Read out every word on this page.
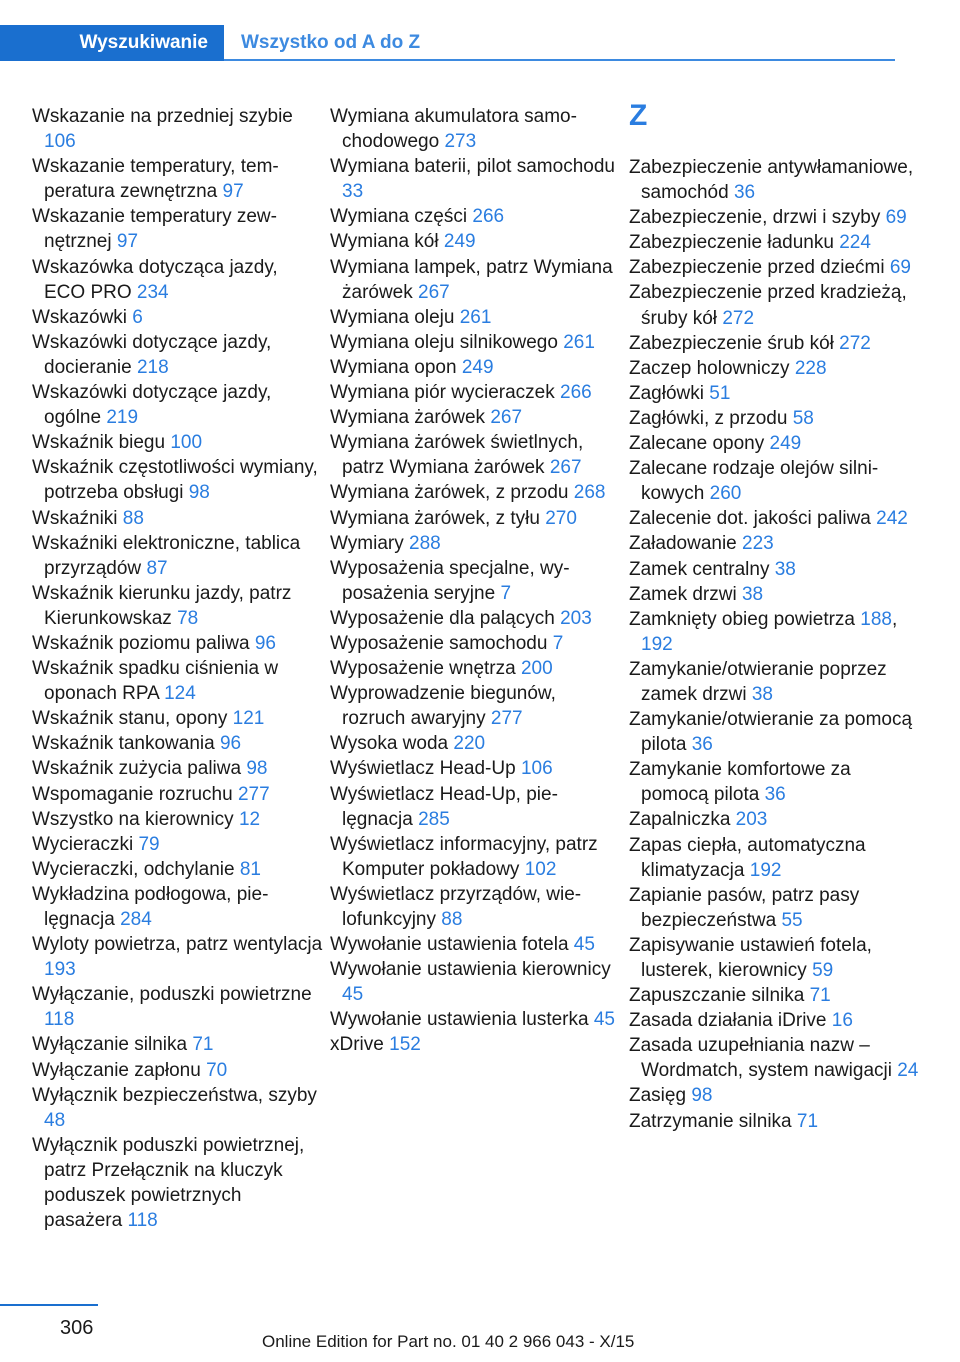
Wyszukiwanie	Wszystko od A do Z
Wskazanie na przedniej szybie 106
Wskazanie temperatury, temperatura zewnętrzna 97
Wskazanie temperatury zewnętrznej 97
Wskazówka dotycząca jazdy, ECO PRO 234
Wskazówki 6
Wskazówki dotyczące jazdy, docieranie 218
Wskazówki dotyczące jazdy, ogólne 219
Wskaźnik biegu 100
Wskaźnik częstotliwości wymiany, potrzeba obsługi 98
Wskaźniki 88
Wskaźniki elektroniczne, tablica przyrządów 87
Wskaźnik kierunku jazdy, patrz Kierunkowskaz 78
Wskaźnik poziomu paliwa 96
Wskaźnik spadku ciśnienia w oponach RPA 124
Wskaźnik stanu, opony 121
Wskaźnik tankowania 96
Wskaźnik zużycia paliwa 98
Wspomaganie rozruchu 277
Wszystko na kierownicy 12
Wycieraczki 79
Wycieraczki, odchylanie 81
Wykładzina podłogowa, pielęgnacja 284
Wyloty powietrza, patrz wentylacja 193
Wyłączanie, poduszki powietrzne 118
Wyłączanie silnika 71
Wyłączanie zapłonu 70
Wyłącznik bezpieczeństwa, szyby 48
Wyłącznik poduszki powietrznej, patrz Przełącznik na kluczyk poduszek powietrznych pasażera 118
Wymiana akumulatora samochodowego 273
Wymiana baterii, pilot samochodu 33
Wymiana części 266
Wymiana kół 249
Wymiana lampek, patrz Wymiana żarówek 267
Wymiana oleju 261
Wymiana oleju silnikowego 261
Wymiana opon 249
Wymiana piór wycieraczek 266
Wymiana żarówek 267
Wymiana żarówek świetlnych, patrz Wymiana żarówek 267
Wymiana żarówek, z przodu 268
Wymiana żarówek, z tyłu 270
Wymiary 288
Wyposażenia specjalne, wyposażenia seryjne 7
Wyposażenie dla palących 203
Wyposażenie samochodu 7
Wyposażenie wnętrza 200
Wyprowadzenie biegunów, rozruch awaryjny 277
Wysoka woda 220
Wyświetlacz Head-Up 106
Wyświetlacz Head-Up, pielęgnacja 285
Wyświetlacz informacyjny, patrz Komputer pokładowy 102
Wyświetlacz przyrządów, wielofunkcyjny 88
Wywołanie ustawienia fotela 45
Wywołanie ustawienia kierownicy 45
Wywołanie ustawienia lusterka 45
xDrive 152
Z
Zabezpieczenie antywłamaniowe, samochód 36
Zabezpieczenie, drzwi i szyby 69
Zabezpieczenie ładunku 224
Zabezpieczenie przed dziećmi 69
Zabezpieczenie przed kradzieżą, śruby kół 272
Zabezpieczenie śrub kół 272
Zaczep holowniczy 228
Zagłówki 51
Zagłówki, z przodu 58
Zalecane opony 249
Zalecane rodzaje olejów silnikowych 260
Zalecenie dot. jakości paliwa 242
Załadowanie 223
Zamek centralny 38
Zamek drzwi 38
Zamknięty obieg powietrza 188, 192
Zamykanie/otwieranie poprzez zamek drzwi 38
Zamykanie/otwieranie za pomocą pilota 36
Zamykanie komfortowe za pomocą pilota 36
Zapalniczka 203
Zapas ciepła, automatyczna klimatyzacja 192
Zapianie pasów, patrz pasy bezpieczeństwa 55
Zapisywanie ustawień fotela, lusterek, kierownicy 59
Zapuszczanie silnika 71
Zasada działania iDrive 16
Zasada uzupełniania nazw – Wordmatch, system nawigacji 24
Zasięg 98
Zatrzymanie silnika 71
306
Online Edition for Part no. 01 40 2 966 043 - X/15
